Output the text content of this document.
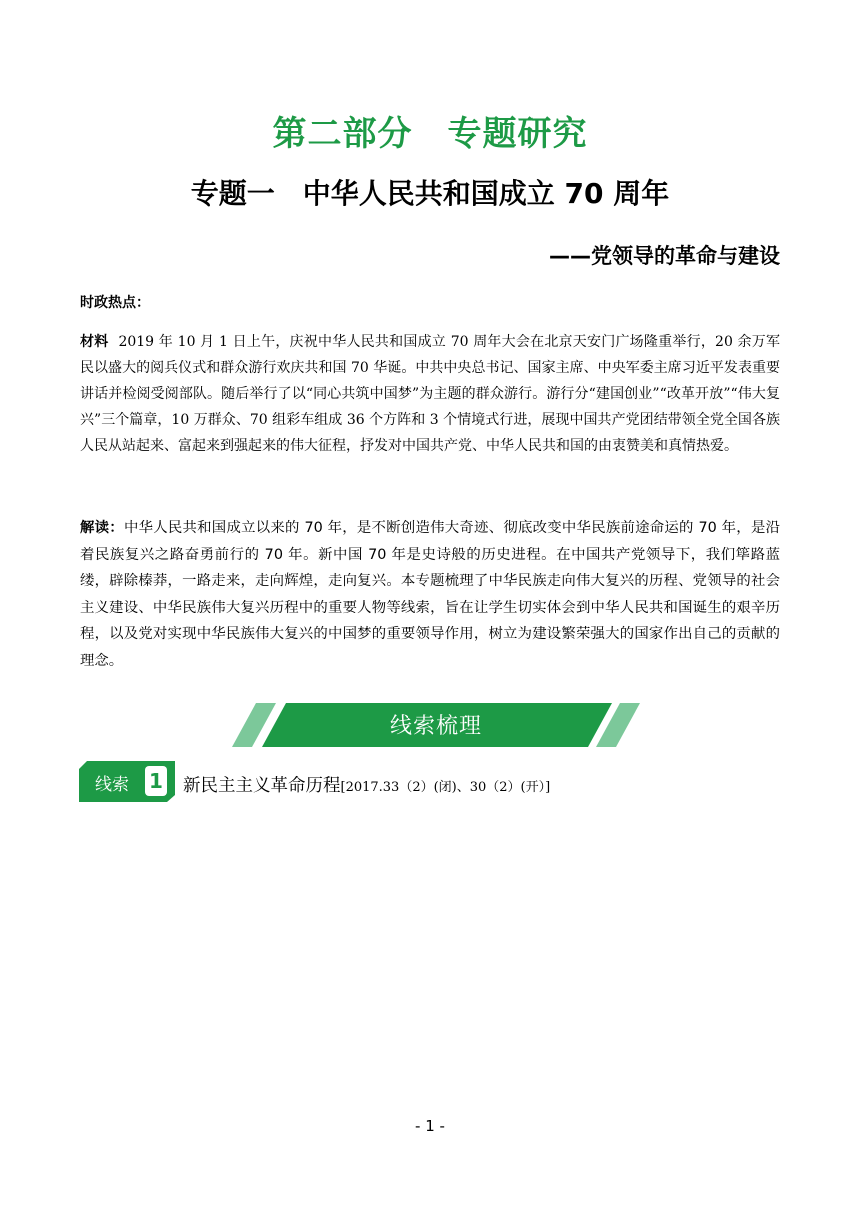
第二部分　专题研究
专题一　中华人民共和国成立 70 周年
——党领导的革命与建设
时政热点：
材料 2019 年 10 月 1 日上午，庆祝中华人民共和国成立 70 周年大会在北京天安门广场隆重举行，20 余万军民以盛大的阅兵仪式和群众游行欢庆共和国 70 华诞。中共中央总书记、国家主席、中央军委主席习近平发表重要讲话并检阅受阅部队。随后举行了以“同心共筑中国梦”为主题的群众游行。游行分“建国创业”“改革开放”“伟大复兴”三个篇章，10 万群众、70 组彩车组成 36 个方阵和 3 个情境式行进，展现中国共产党团结带领全党全国各族人民从站起来、富起来到强起来的伟大征程，抒发对中国共产党、中华人民共和国的由衷赞美和真情热爱。
解读：中华人民共和国成立以来的 70 年，是不断创造伟大奇迹、彻底改变中华民族前途命运的 70 年，是沿着民族复兴之路奋勇前行的 70 年。新中国 70 年是史诗般的历史进程。在中国共产党领导下，我们筚路蓝缕，辟除榛莽，一路走来，走向辉煌，走向复兴。本专题梳理了中华民族走向伟大复兴的历程、党领导的社会主义建设、中华民族伟大复兴历程中的重要人物等线索，旨在让学生切实体会到中华人民共和国诞生的艰辛历程，以及党对实现中华民族伟大复兴的中国梦的重要领导作用，树立为建设繁荣强大的国家作出自己的贡献的理念。
线索梳理
线索 1 新民主主义革命历程[2017.33（2）(闭)、30（2）(开）]
- 1 -
